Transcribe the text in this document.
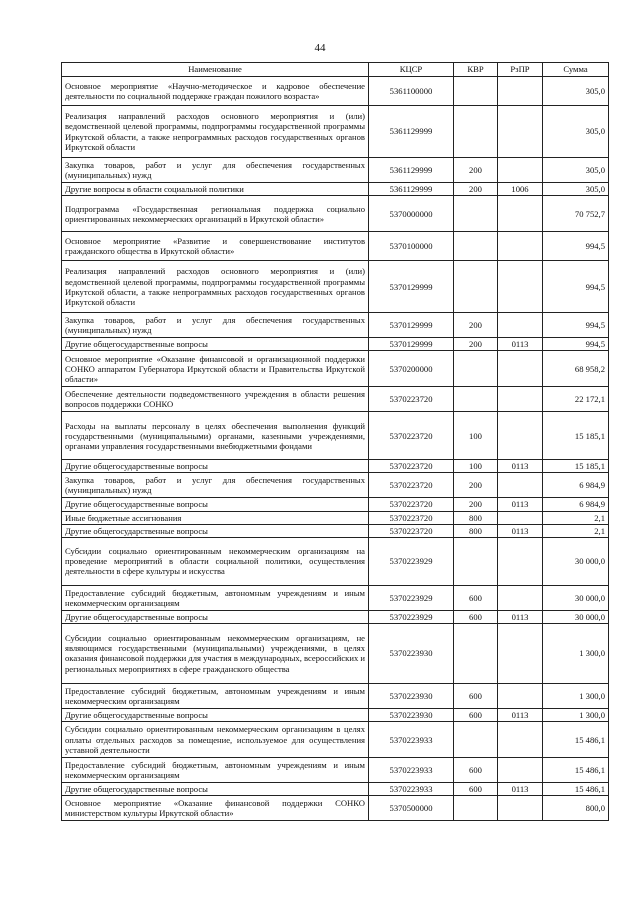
44
Наименование	КЦСР	КВР	РзПР	Сумма
Основное мероприятие «Научно-методическое и кадровое обеспечение деятельности по социальной поддержке граждан пожилого возраста»	5361100000			305,0
Реализация направлений расходов основного мероприятия и (или) ведомственной целевой программы, подпрограммы государственной программы Иркутской области, а также непрограммных расходов государственных органов Иркутской области	5361129999			305,0
Закупка товаров, работ и услуг для обеспечения государственных (муниципальных) нужд	5361129999	200		305,0
Другие вопросы в области социальной политики	5361129999	200	1006	305,0
Подпрограмма «Государственная региональная поддержка социально ориентированных некоммерческих организаций в Иркутской области»	5370000000			70 752,7
Основное мероприятие «Развитие и совершенствование институтов гражданского общества в Иркутской области»	5370100000			994,5
Реализация направлений расходов основного мероприятия и (или) ведомственной целевой программы, подпрограммы государственной программы Иркутской области, а также непрограммных расходов государственных органов Иркутской области	5370129999			994,5
Закупка товаров, работ и услуг для обеспечения государственных (муниципальных) нужд	5370129999	200		994,5
Другие общегосударственные вопросы	5370129999	200	0113	994,5
Основное мероприятие «Оказание финансовой и организационной поддержки СОНКО аппаратом Губернатора Иркутской области и Правительства Иркутской области»	5370200000			68 958,2
Обеспечение деятельности подведомственного учреждения в области решения вопросов поддержки СОНКО	5370223720			22 172,1
Расходы на выплаты персоналу в целях обеспечения выполнения функций государственными (муниципальными) органами, казенными учреждениями, органами управления государственными внебюджетными фондами	5370223720	100		15 185,1
Другие общегосударственные вопросы	5370223720	100	0113	15 185,1
Закупка товаров, работ и услуг для обеспечения государственных (муниципальных) нужд	5370223720	200		6 984,9
Другие общегосударственные вопросы	5370223720	200	0113	6 984,9
Иные бюджетные ассигнования	5370223720	800		2,1
Другие общегосударственные вопросы	5370223720	800	0113	2,1
Субсидии социально ориентированным некоммерческим организациям на проведение мероприятий в области социальной политики, осуществления деятельности в сфере культуры и искусства	5370223929			30 000,0
Предоставление субсидий бюджетным, автономным учреждениям и иным некоммерческим организациям	5370223929	600		30 000,0
Другие общегосударственные вопросы	5370223929	600	0113	30 000,0
Субсидии социально ориентированным некоммерческим организациям, не являющимся государственными (муниципальными) учреждениями, в целях оказания финансовой поддержки для участия в международных, всероссийских и региональных мероприятиях в сфере гражданского общества	5370223930			1 300,0
Предоставление субсидий бюджетным, автономным учреждениям и иным некоммерческим организациям	5370223930	600		1 300,0
Другие общегосударственные вопросы	5370223930	600	0113	1 300,0
Субсидии социально ориентированным некоммерческим организациям в целях оплаты отдельных расходов за помещение, используемое для осуществления уставной деятельности	5370223933			15 486,1
Предоставление субсидий бюджетным, автономным учреждениям и иным некоммерческим организациям	5370223933	600		15 486,1
Другие общегосударственные вопросы	5370223933	600	0113	15 486,1
Основное мероприятие «Оказание финансовой поддержки СОНКО министерством культуры Иркутской области»	5370500000			800,0
